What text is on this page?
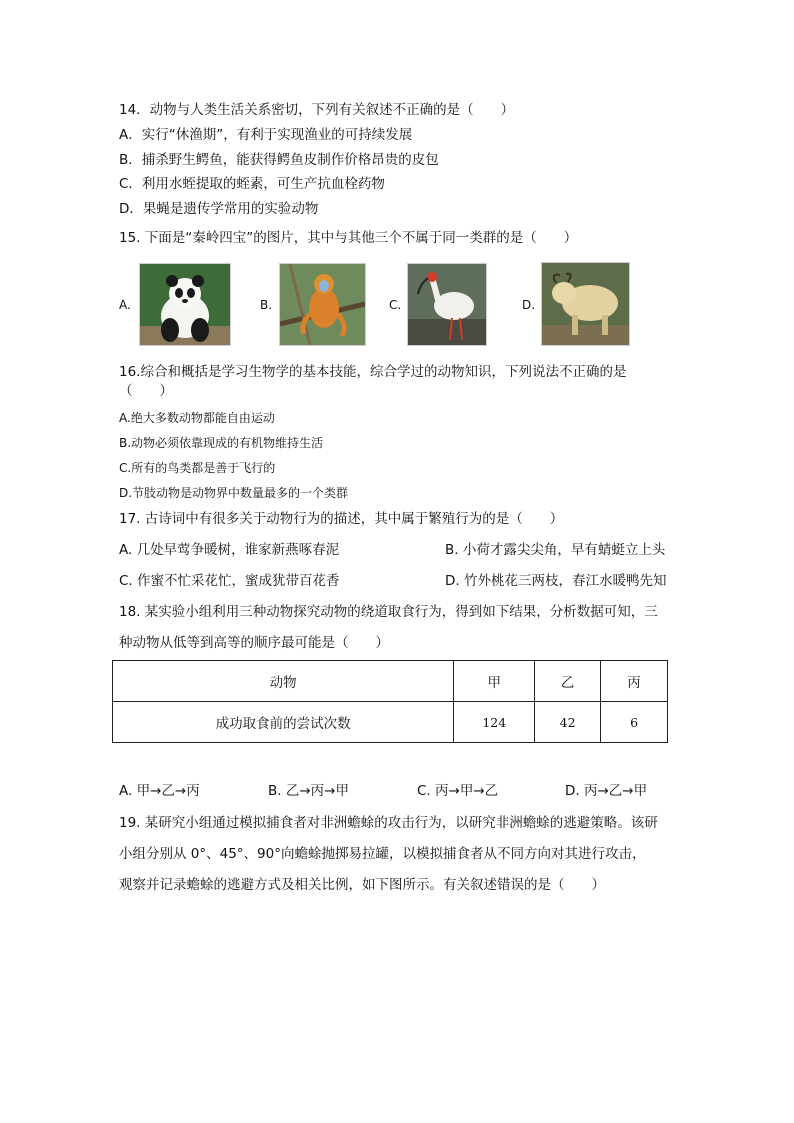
14．动物与人类生活关系密切，下列有关叙述不正确的是（　　）
A．实行“休渔期”，有利于实现渔业的可持续发展
B．捕杀野生鳄鱼，能获得鳄鱼皮制作价格昂贵的皮包
C．利用水蛭提取的蛭素，可生产抗血栓药物
D．果蝇是遗传学常用的实验动物
15. 下面是“秦岭四宝”的图片，其中与其他三个不属于同一类群的是（　　）
A.	B.	C.	D.
16.综合和概括是学习生物学的基本技能，综合学过的动物知识，下列说法不正确的是
（　　）
A.绝大多数动物都能自由运动
B.动物必须依靠现成的有机物维持生活
C.所有的鸟类都是善于飞行的
D.节肢动物是动物界中数量最多的一个类群
17. 古诗词中有很多关于动物行为的描述，其中属于繁殖行为的是（　　）
A. 几处早莺争暖树，谁家新燕啄春泥	B. 小荷才露尖尖角，早有蜻蜓立上头
C. 作蜜不忙采花忙，蜜成犹带百花香	D. 竹外桃花三两枝，春江水暖鸭先知
18. 某实验小组利用三种动物探究动物的绕道取食行为，得到如下结果，分析数据可知，三
种动物从低等到高等的顺序最可能是（　　）
动物	甲	乙	丙
成功取食前的尝试次数	124	42	6
A. 甲→乙→丙	B. 乙→丙→甲	C. 丙→甲→乙	D. 丙→乙→甲
19. 某研究小组通过模拟捕食者对非洲蟾蜍的攻击行为，以研究非洲蟾蜍的逃避策略。该研
小组分别从 0°、45°、90°向蟾蜍抛掷易拉罐，以模拟捕食者从不同方向对其进行攻击，
观察并记录蟾蜍的逃避方式及相关比例，如下图所示。有关叙述错误的是（　　）
